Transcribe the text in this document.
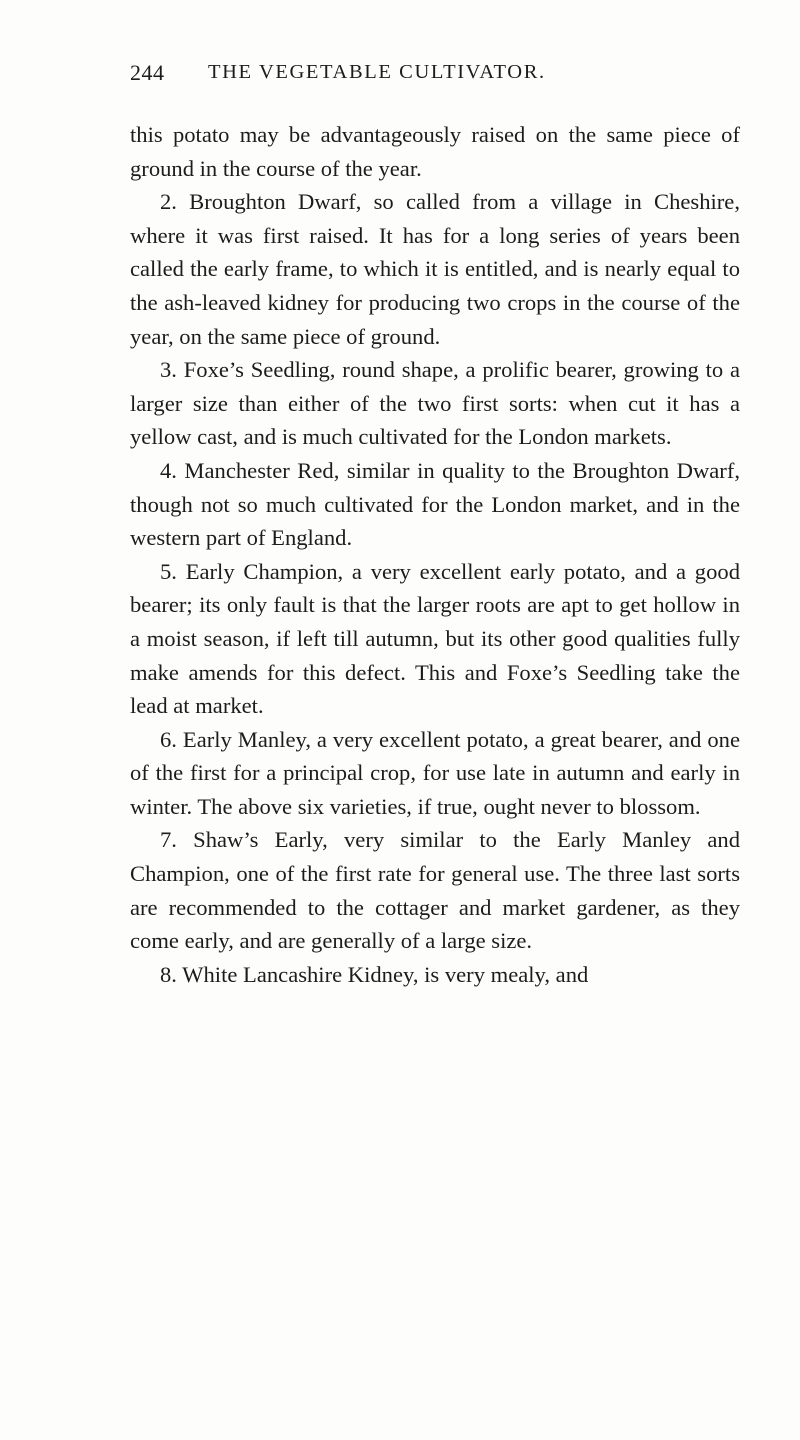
244 THE VEGETABLE CULTIVATOR.

this potato may be advantageously raised on the same piece of ground in the course of the year.

2. Broughton Dwarf, so called from a village in Cheshire, where it was first raised. It has for a long series of years been called the early frame, to which it is entitled, and is nearly equal to the ash-leaved kidney for producing two crops in the course of the year, on the same piece of ground.

3. Foxe’s Seedling, round shape, a prolific bearer, growing to a larger size than either of the two first sorts: when cut it has a yellow cast, and is much cultivated for the London markets.

4. Manchester Red, similar in quality to the Broughton Dwarf, though not so much cultivated for the London market, and in the western part of England.

5. Early Champion, a very excellent early potato, and a good bearer; its only fault is that the larger roots are apt to get hollow in a moist season, if left till autumn, but its other good qualities fully make amends for this defect. This and Foxe’s Seedling take the lead at market.

6. Early Manley, a very excellent potato, a great bearer, and one of the first for a principal crop, for use late in autumn and early in winter. The above six varieties, if true, ought never to blossom.

7. Shaw’s Early, very similar to the Early Manley and Champion, one of the first rate for general use. The three last sorts are recommended to the cottager and market gardener, as they come early, and are generally of a large size.

8. White Lancashire Kidney, is very mealy, and
